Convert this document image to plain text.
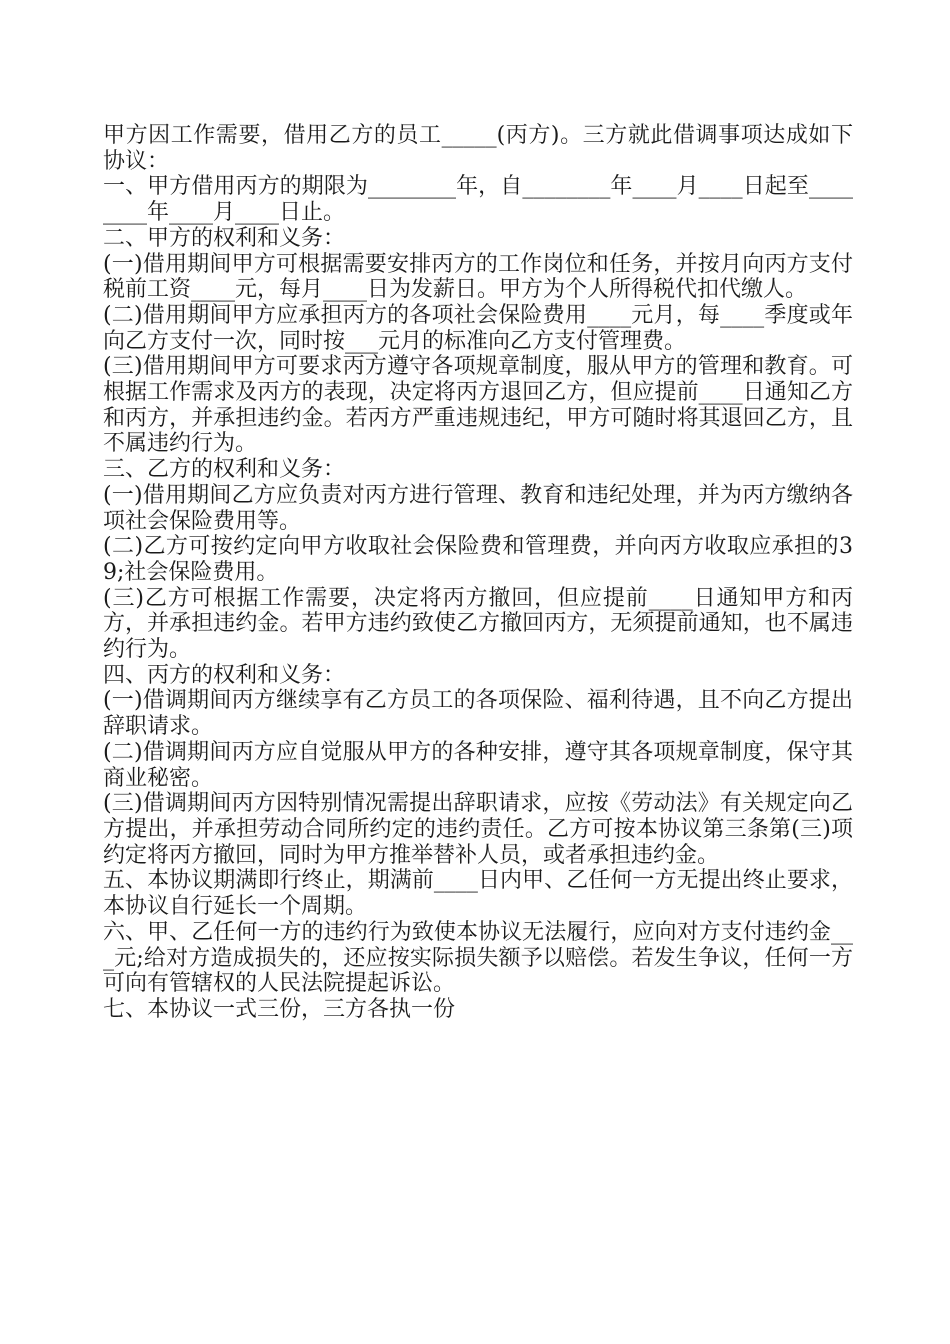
甲方因工作需要，借用乙方的员工_____(丙方)。三方就此借调事项达成如下协议：

一、甲方借用丙方的期限为________年，自________年____月____日起至________年____月____日止。

二、甲方的权利和义务：

(一)借用期间甲方可根据需要安排丙方的工作岗位和任务，并按月向丙方支付税前工资____元，每月____日为发薪日。甲方为个人所得税代扣代缴人。

(二)借用期间甲方应承担丙方的各项社会保险费用____元月，每____季度或年向乙方支付一次，同时按___元月的标准向乙方支付管理费。

(三)借用期间甲方可要求丙方遵守各项规章制度，服从甲方的管理和教育。可根据工作需求及丙方的表现，决定将丙方退回乙方，但应提前____日通知乙方和丙方，并承担违约金。若丙方严重违规违纪，甲方可随时将其退回乙方，且不属违约行为。

三、乙方的权利和义务：

(一)借用期间乙方应负责对丙方进行管理、教育和违纪处理，并为丙方缴纳各项社会保险费用等。

(二)乙方可按约定向甲方收取社会保险费和管理费，并向丙方收取应承担的39;社会保险费用。

(三)乙方可根据工作需要，决定将丙方撤回，但应提前____日通知甲方和丙方，并承担违约金。若甲方违约致使乙方撤回丙方，无须提前通知，也不属违约行为。

四、丙方的权利和义务：

(一)借调期间丙方继续享有乙方员工的各项保险、福利待遇，且不向乙方提出辞职请求。

(二)借调期间丙方应自觉服从甲方的各种安排，遵守其各项规章制度，保守其商业秘密。

(三)借调期间丙方因特别情况需提出辞职请求，应按《劳动法》有关规定向乙方提出，并承担劳动合同所约定的违约责任。乙方可按本协议第三条第(三)项约定将丙方撤回，同时为甲方推举替补人员，或者承担违约金。

五、本协议期满即行终止，期满前____日内甲、乙任何一方无提出终止要求，本协议自行延长一个周期。

六、甲、乙任何一方的违约行为致使本协议无法履行，应向对方支付违约金___元;给对方造成损失的，还应按实际损失额予以赔偿。若发生争议，任何一方可向有管辖权的人民法院提起诉讼。

七、本协议一式三份，三方各执一份
